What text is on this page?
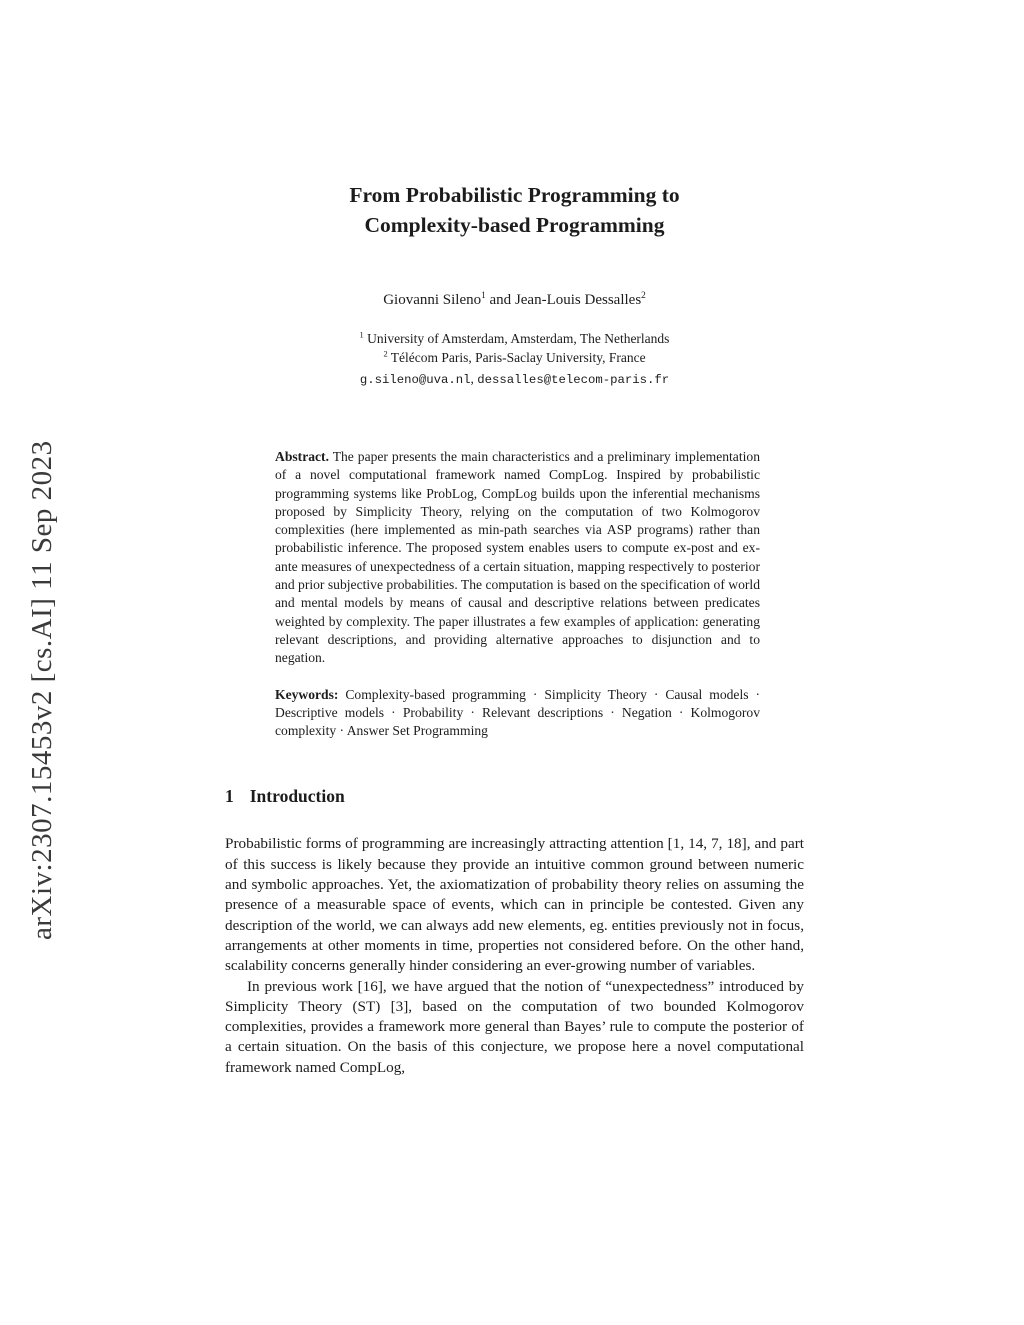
arXiv:2307.15453v2 [cs.AI] 11 Sep 2023
From Probabilistic Programming to
Complexity-based Programming
Giovanni Sileno$^1$ and Jean-Louis Dessalles$^2$
$^1$ University of Amsterdam, Amsterdam, The Netherlands
$^2$ Télécom Paris, Paris-Saclay University, France
g.sileno@uva.nl, dessalles@telecom-paris.fr
Abstract. The paper presents the main characteristics and a preliminary implementation of a novel computational framework named CompLog. Inspired by probabilistic programming systems like ProbLog, CompLog builds upon the inferential mechanisms proposed by Simplicity Theory, relying on the computation of two Kolmogorov complexities (here implemented as min-path searches via ASP programs) rather than probabilistic inference. The proposed system enables users to compute ex-post and ex-ante measures of unexpectedness of a certain situation, mapping respectively to posterior and prior subjective probabilities. The computation is based on the specification of world and mental models by means of causal and descriptive relations between predicates weighted by complexity. The paper illustrates a few examples of application: generating relevant descriptions, and providing alternative approaches to disjunction and to negation.
Keywords: Complexity-based programming · Simplicity Theory · Causal models · Descriptive models · Probability · Relevant descriptions · Negation · Kolmogorov complexity · Answer Set Programming
1 Introduction

Probabilistic forms of programming are increasingly attracting attention [1, 14, 7, 18], and part of this success is likely because they provide an intuitive common ground between numeric and symbolic approaches. Yet, the axiomatization of probability theory relies on assuming the presence of a measurable space of events, which can in principle be contested. Given any description of the world, we can always add new elements, eg. entities previously not in focus, arrangements at other moments in time, properties not considered before. On the other hand, scalability concerns generally hinder considering an ever-growing number of variables.

In previous work [16], we have argued that the notion of “unexpectedness” introduced by Simplicity Theory (ST) [3], based on the computation of two bounded Kolmogorov complexities, provides a framework more general than Bayes’ rule to compute the posterior of a certain situation. On the basis of this conjecture, we propose here a novel computational framework named CompLog,
